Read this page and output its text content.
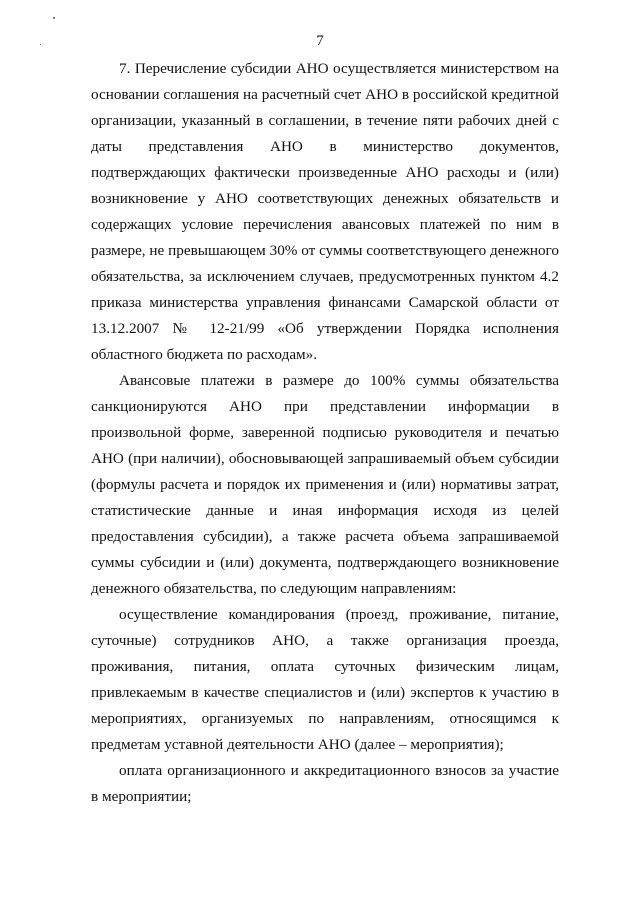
7

7. Перечисление субсидии АНО осуществляется министерством на основании соглашения на расчетный счет АНО в российской кредитной организации, указанный в соглашении, в течение пяти рабочих дней с даты представления АНО в министерство документов, подтверждающих фактически произведенные АНО расходы и (или) возникновение у АНО соответствующих денежных обязательств и содержащих условие перечисления авансовых платежей по ним в размере, не превышающем 30% от суммы соответствующего денежного обязательства, за исключением случаев, предусмотренных пунктом 4.2 приказа министерства управления финансами Самарской области от 13.12.2007 № 12-21/99 «Об утверждении Порядка исполнения областного бюджета по расходам».

Авансовые платежи в размере до 100% суммы обязательства санкционируются АНО при представлении информации в произвольной форме, заверенной подписью руководителя и печатью АНО (при наличии), обосновывающей запрашиваемый объем субсидии (формулы расчета и порядок их применения и (или) нормативы затрат, статистические данные и иная информация исходя из целей предоставления субсидии), а также расчета объема запрашиваемой суммы субсидии и (или) документа, подтверждающего возникновение денежного обязательства, по следующим направлениям:

осуществление командирования (проезд, проживание, питание, суточные) сотрудников АНО, а также организация проезда, проживания, питания, оплата суточных физическим лицам, привлекаемым в качестве специалистов и (или) экспертов к участию в мероприятиях, организуемых по направлениям, относящимся к предметам уставной деятельности АНО (далее – мероприятия);

оплата организационного и аккредитационного взносов за участие в мероприятии;
